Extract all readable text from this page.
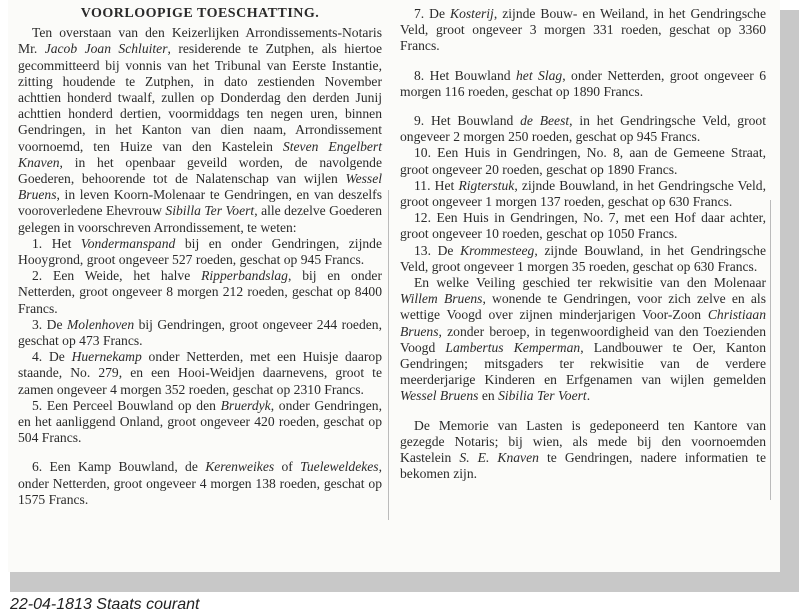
VOORLOOPIGE TOESCHATTING.

Ten overstaan van den Keizerlijken Arrondissements-Notaris Mr. Jacob Joan Schluiter, residerende te Zutphen, als hiertoe gecommitteerd bij vonnis van het Tribunal van Eerste Instantie, zitting houdende te Zutphen, in dato zestienden November achttien honderd twaalf, zullen op Donderdag den derden Junij achttien honderd dertien, voormiddags ten negen uren, binnen Gendringen, in het Kanton van dien naam, Arrondissement voornoemd, ten Huize van den Kastelein Steven Engelbert Knaven, in het openbaar geveild worden, de navolgende Goederen, behoorende tot de Nalatenschap van wijlen Wessel Bruens, in leven Koorn-Molenaar te Gendringen, en van deszelfs vooroverledene Ehevrouw Sibilla Ter Voert, alle dezelve Goederen gelegen in voorschreven Arrondissement, te weten:

1. Het Vondermanspand bij en onder Gendringen, zijnde Hooygrond, groot ongeveer 527 roeden, geschat op 945 Francs.

2. Een Weide, het halve Ripperbandslag, bij en onder Netterden, groot ongeveer 8 morgen 212 roeden, geschat op 8400 Francs.

3. De Molenhoven bij Gendringen, groot ongeveer 244 roeden, geschat op 473 Francs.

4. De Huernekamp onder Netterden, met een Huisje daarop staande, No. 279, en een Hooi-Weidjen daarnevens, groot te zamen ongeveer 4 morgen 352 roeden, geschat op 2310 Francs.

5. Een Perceel Bouwland op den Bruerdyk, onder Gendringen, en het aanliggend Onland, groot ongeveer 420 roeden, geschat op 504 Francs.

6. Een Kamp Bouwland, de Kerenweikes of Tueleweldekes, onder Netterden, groot ongeveer 4 morgen 138 roeden, geschat op 1575 Francs.

7. De Kosterij, zijnde Bouw- en Weiland, in het Gendringsche Veld, groot ongeveer 3 morgen 331 roeden, geschat op 3360 Francs.

8. Het Bouwland het Slag, onder Netterden, groot ongeveer 6 morgen 116 roeden, geschat op 1890 Francs.

9. Het Bouwland de Beest, in het Gendringsche Veld, groot ongeveer 2 morgen 250 roeden, geschat op 945 Francs.

10. Een Huis in Gendringen, No. 8, aan de Gemeene Straat, groot ongeveer 20 roeden, geschat op 1890 Francs.

11. Het Rigterstuk, zijnde Bouwland, in het Gendringsche Veld, groot ongeveer 1 morgen 137 roeden, geschat op 630 Francs.

12. Een Huis in Gendringen, No. 7, met een Hof daar achter, groot ongeveer 10 roeden, geschat op 1050 Francs.

13. De Krommesteeg, zijnde Bouwland, in het Gendringsche Veld, groot ongeveer 1 morgen 35 roeden, geschat op 630 Francs.

En welke Veiling geschied ter rekwisitie van den Molenaar Willem Bruens, wonende te Gendringen, voor zich zelve en als wettige Voogd over zijnen minderjarigen Voor-Zoon Christiaan Bruens, zonder beroep, in tegenwoordigheid van den Toezienden Voogd Lambertus Kemperman, Landbouwer te Oer, Kanton Gendringen; mitsgaders ter rekwisitie van de verdere meerderjarige Kinderen en Erfgenamen van wijlen gemelden Wessel Bruens en Sibilia Ter Voert.

De Memorie van Lasten is gedeponeerd ten Kantore van gezegde Notaris; bij wien, als mede bij den voornoemden Kastelein S. E. Knaven te Gendringen, nadere informatien te bekomen zijn.

22-04-1813 Staats courant
